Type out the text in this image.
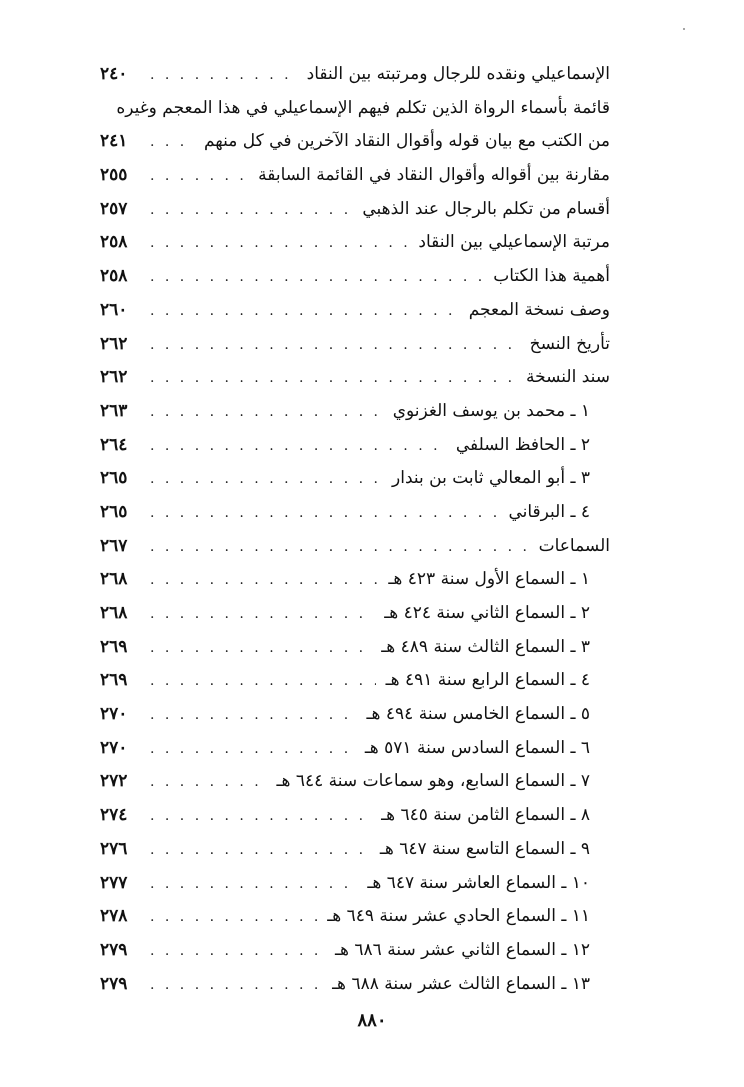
الإسماعيلي ونقده للرجال ومرتبته بين النقاد
. . .
٢٤٠
قائمة بأسماء الرواة الذين تكلم فيهم الإسماعيلي في هذا المعجم وغيره
من الكتب مع بيان قوله وأقوال النقاد الآخرين في كل منهم
. . .
٢٤١
مقارنة بين أقواله وأقوال النقاد في القائمة السابقة
. . .
٢٥٥
أقسام من تكلم بالرجال عند الذهبي
. . .
٢٥٧
مرتبة الإسماعيلي بين النقاد
. . .
٢٥٨
أهمية هذا الكتاب
. . .
٢٥٨
وصف نسخة المعجم
. . .
٢٦٠
تأريخ النسخ
. . .
٢٦٢
سند النسخة
. . .
٢٦٢
١ ـ محمد بن يوسف الغزنوي
. . .
٢٦٣
٢ ـ الحافظ السلفي
. . .
٢٦٤
٣ ـ أبو المعالي ثابت بن بندار
. . .
٢٦٥
٤ ـ البرقاني
. . .
٢٦٥
السماعات
. . .
٢٦٧
١ ـ السماع الأول سنة ٤٢٣ هـ
. . .
٢٦٨
٢ ـ السماع الثاني سنة ٤٢٤ هـ
. . .
٢٦٨
٣ ـ السماع الثالث سنة ٤٨٩ هـ
. . .
٢٦٩
٤ ـ السماع الرابع سنة ٤٩١ هـ
. . .
٢٦٩
٥ ـ السماع الخامس سنة ٤٩٤ هـ
. . .
٢٧٠
٦ ـ السماع السادس سنة ٥٧١ هـ
. . .
٢٧٠
٧ ـ السماع السابع، وهو سماعات سنة ٦٤٤ هـ
. . .
٢٧٢
٨ ـ السماع الثامن سنة ٦٤٥ هـ
. . .
٢٧٤
٩ ـ السماع التاسع سنة ٦٤٧ هـ
. . .
٢٧٦
١٠ ـ السماع العاشر سنة ٦٤٧ هـ
. . .
٢٧٧
١١ ـ السماع الحادي عشر سنة ٦٤٩ هـ
. . .
٢٧٨
١٢ ـ السماع الثاني عشر سنة ٦٨٦ هـ
. . .
٢٧٩
١٣ ـ السماع الثالث عشر سنة ٦٨٨ هـ
. . .
٢٧٩
٨٨٠
